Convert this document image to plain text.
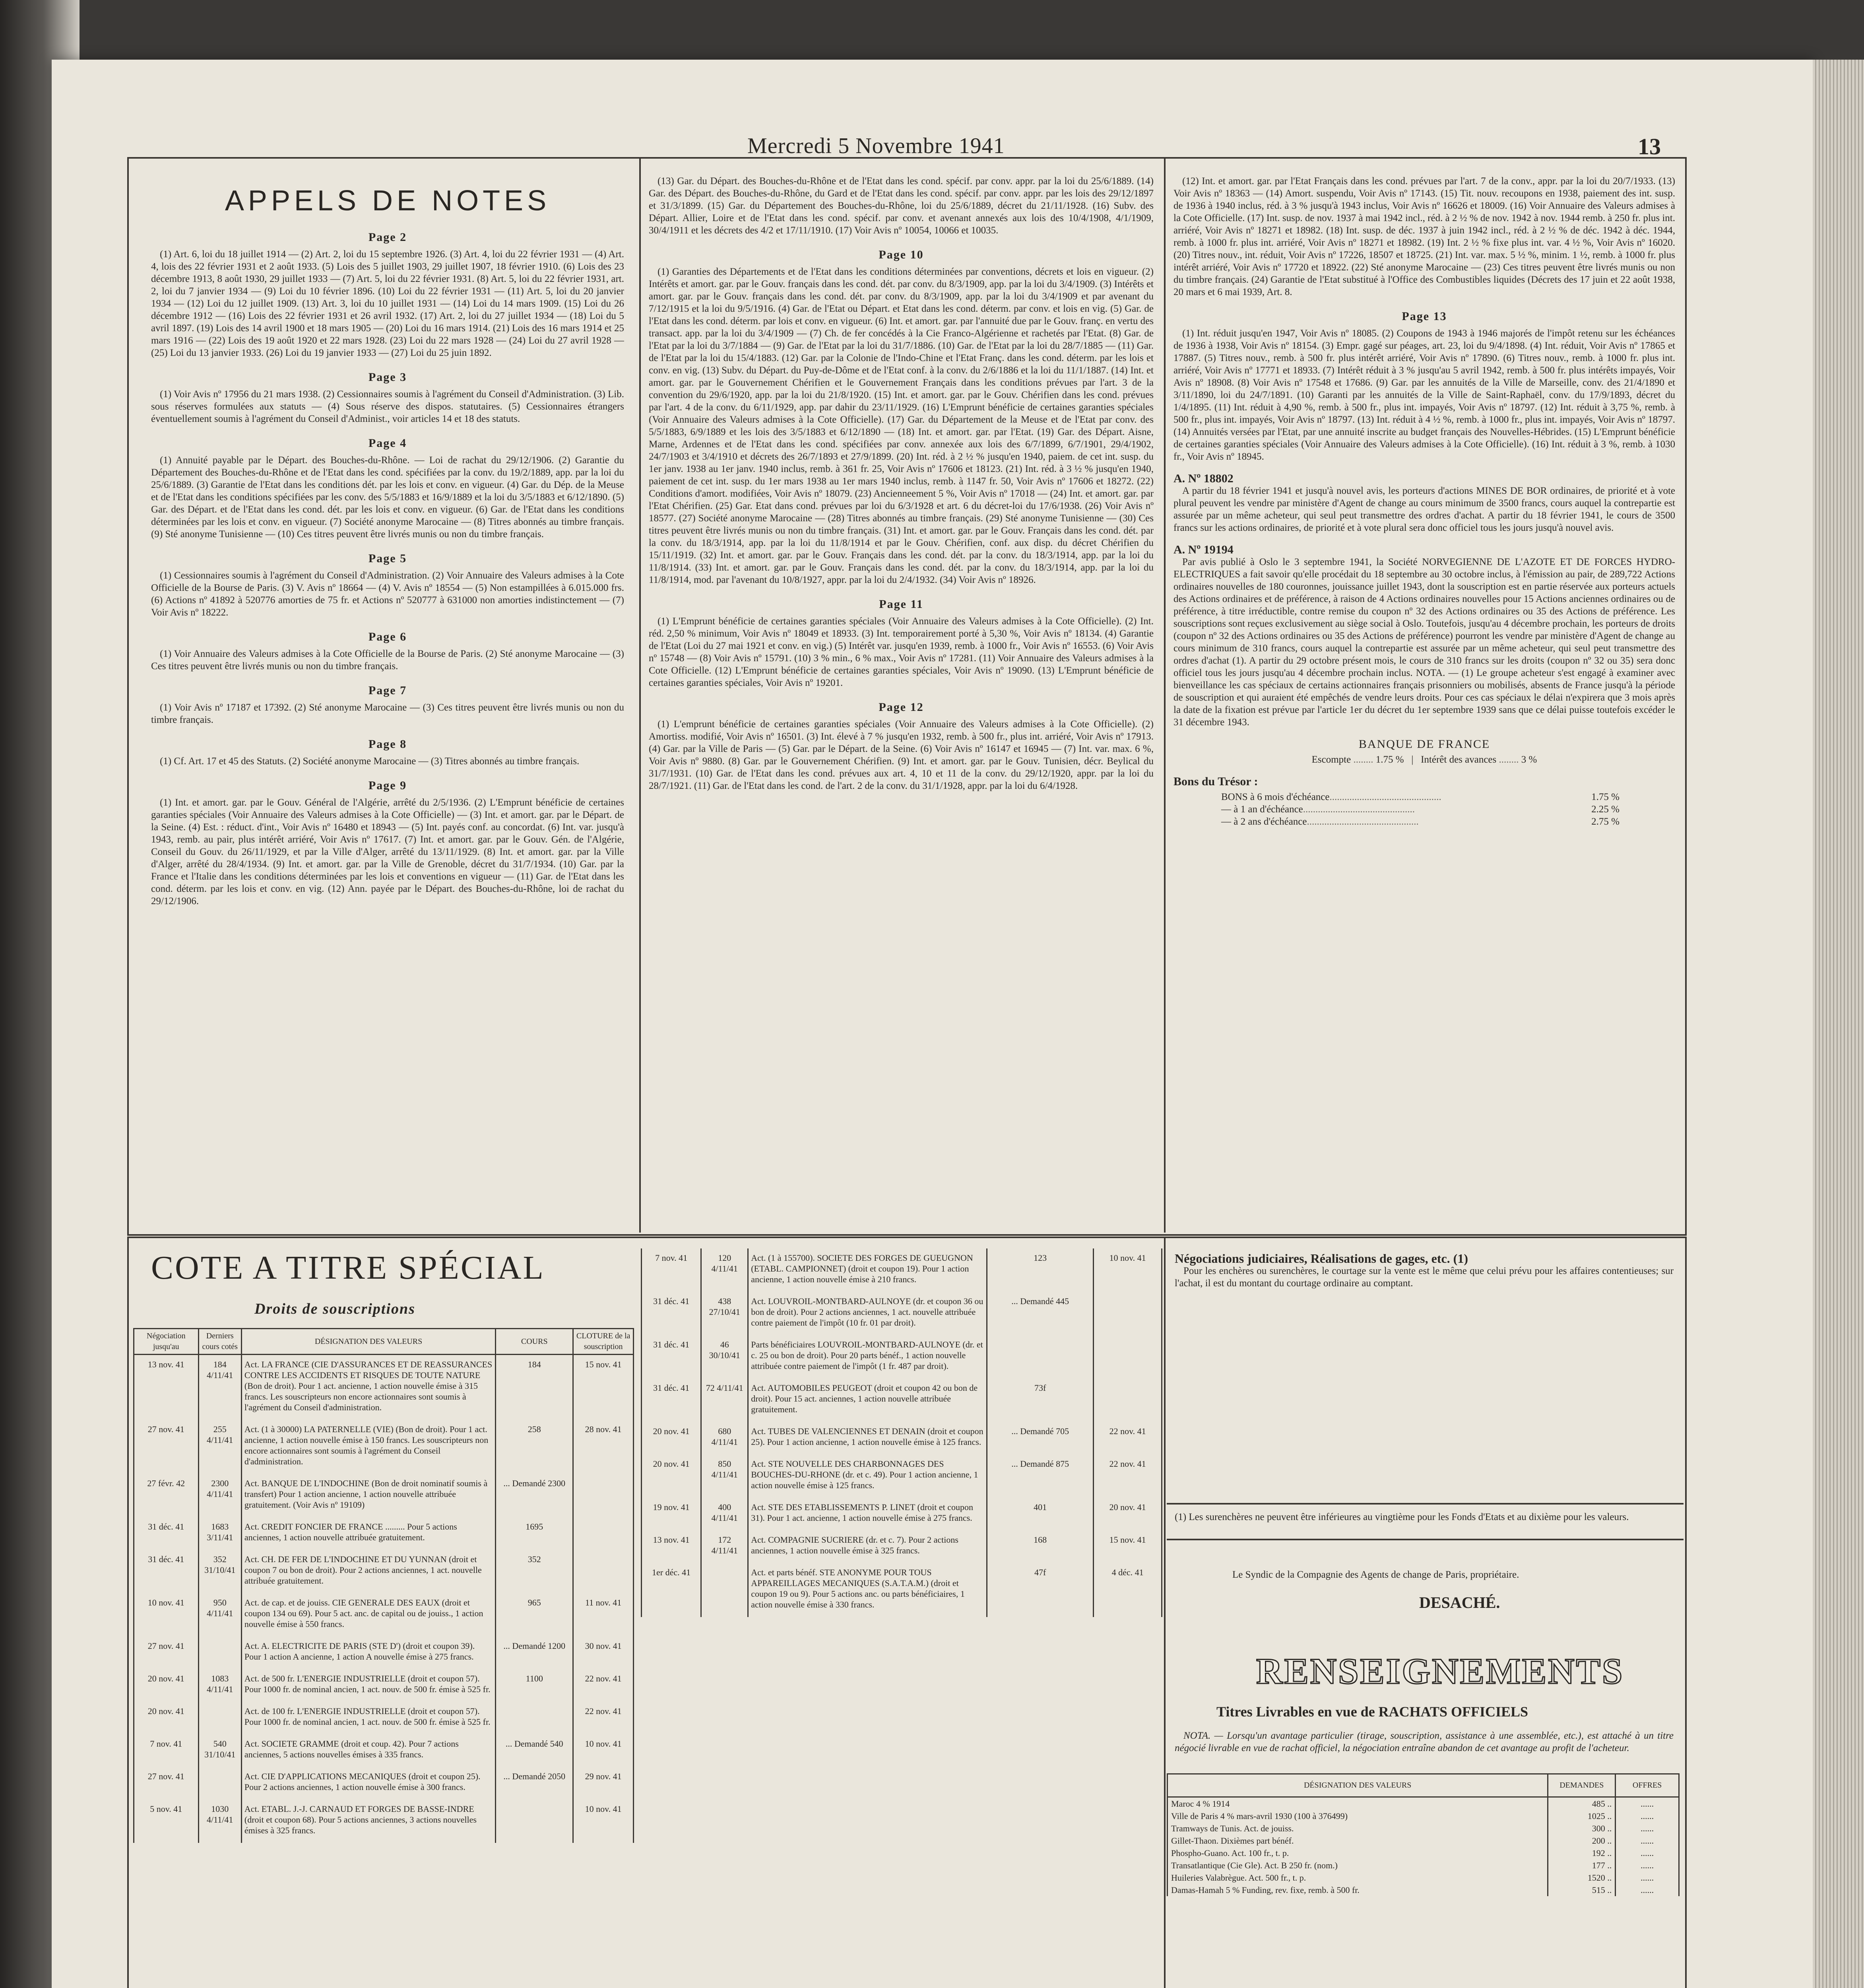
Mercredi 5 Novembre 1941	13
APPELS DE NOTES
Page 2

(1) Art. 6, loi du 18 juillet 1914 — (2) Art. 2, loi du 15 septembre 1926. (3) Art. 4, loi du 22 février 1931 — (4) Art. 4, lois des 22 février 1931 et 2 août 1933. (5) Lois des 5 juillet 1903, 29 juillet 1907, 18 février 1910. (6) Lois des 23 décembre 1913, 8 août 1930, 29 juillet 1933 — (7) Art. 5, loi du 22 février 1931. (8) Art. 5, loi du 22 février 1931, art. 2, loi du 7 janvier 1934 — (9) Loi du 10 février 1896. (10) Loi du 22 février 1931 — (11) Art. 5, loi du 20 janvier 1934 — (12) Loi du 12 juillet 1909. (13) Art. 3, loi du 10 juillet 1931 — (14) Loi du 14 mars 1909. (15) Loi du 26 décembre 1912 — (16) Lois des 22 février 1931 et 26 avril 1932. (17) Art. 2, loi du 27 juillet 1934 — (18) Loi du 5 avril 1897. (19) Lois des 14 avril 1900 et 18 mars 1905 — (20) Loi du 16 mars 1914. (21) Lois des 16 mars 1914 et 25 mars 1916 — (22) Lois des 19 août 1920 et 22 mars 1928. (23) Loi du 22 mars 1928 — (24) Loi du 27 avril 1928 — (25) Loi du 13 janvier 1933. (26) Loi du 19 janvier 1933 — (27) Loi du 25 juin 1892.

Page 3

(1) Voir Avis nº 17956 du 21 mars 1938. (2) Cessionnaires soumis à l'agrément du Conseil d'Administration. (3) Lib. sous réserves formulées aux statuts — (4) Sous réserve des dispos. statutaires. (5) Cessionnaires étrangers éventuellement soumis à l'agrément du Conseil d'Administ., voir articles 14 et 18 des statuts.

Page 4

(1) Annuité payable par le Départ. des Bouches-du-Rhône. — Loi de rachat du 29/12/1906. (2) Garantie du Département des Bouches-du-Rhône et de l'Etat dans les cond. spécifiées par la conv. du 19/2/1889, app. par la loi du 25/6/1889. (3) Garantie de l'Etat dans les conditions dét. par les lois et conv. en vigueur. (4) Gar. du Dép. de la Meuse et de l'Etat dans les conditions spécifiées par les conv. des 5/5/1883 et 16/9/1889 et la loi du 3/5/1883 et 6/12/1890. (5) Gar. des Départ. et de l'Etat dans les cond. dét. par les lois et conv. en vigueur. (6) Gar. de l'Etat dans les conditions déterminées par les lois et conv. en vigueur. (7) Société anonyme Marocaine — (8) Titres abonnés au timbre français. (9) Sté anonyme Tunisienne — (10) Ces titres peuvent être livrés munis ou non du timbre français.

Page 5

(1) Cessionnaires soumis à l'agrément du Conseil d'Administration. (2) Voir Annuaire des Valeurs admises à la Cote Officielle de la Bourse de Paris. (3) V. Avis nº 18664 — (4) V. Avis nº 18554 — (5) Non estampillées à 6.015.000 frs. (6) Actions nº 41892 à 520776 amorties de 75 fr. et Actions nº 520777 à 631000 non amorties indistinctement — (7) Voir Avis nº 18222.

Page 6

(1) Voir Annuaire des Valeurs admises à la Cote Officielle de la Bourse de Paris. (2) Sté anonyme Marocaine — (3) Ces titres peuvent être livrés munis ou non du timbre français.

Page 7

(1) Voir Avis nº 17187 et 17392. (2) Sté anonyme Marocaine — (3) Ces titres peuvent être livrés munis ou non du timbre français.

Page 8

(1) Cf. Art. 17 et 45 des Statuts. (2) Société anonyme Marocaine — (3) Titres abonnés au timbre français.

Page 9

(1) Int. et amort. gar. par le Gouv. Général de l'Algérie, arrêté du 2/5/1936. (2) L'Emprunt bénéficie de certaines garanties spéciales (Voir Annuaire des Valeurs admises à la Cote Officielle) — (3) Int. et amort. gar. par le Départ. de la Seine. (4) Est. : réduct. d'int., Voir Avis nº 16480 et 18943 — (5) Int. payés conf. au concordat. (6) Int. var. jusqu'à 1943, remb. au pair, plus intérêt arriéré, Voir Avis nº 17617. (7) Int. et amort. gar. par le Gouv. Gén. de l'Algérie, Conseil du Gouv. du 26/11/1929, et par la Ville d'Alger, arrêté du 13/11/1929. (8) Int. et amort. gar. par la Ville d'Alger, arrêté du 28/4/1934. (9) Int. et amort. gar. par la Ville de Grenoble, décret du 31/7/1934. (10) Gar. par la France et l'Italie dans les conditions déterminées par les lois et conventions en vigueur — (11) Gar. de l'Etat dans les cond. déterm. par les lois et conv. en vig. (12) Ann. payée par le Départ. des Bouches-du-Rhône, loi de rachat du 29/12/1906.

(13) Gar. du Départ. des Bouches-du-Rhône et de l'Etat dans les cond. spécif. par conv. appr. par la loi du 25/6/1889. (14) Gar. des Départ. des Bouches-du-Rhône, du Gard et de l'Etat dans les cond. spécif. par conv. appr. par les lois des 29/12/1897 et 31/3/1899. (15) Gar. du Département des Bouches-du-Rhône, loi du 25/6/1889, décret du 21/11/1928. (16) Subv. des Départ. Allier, Loire et de l'Etat dans les cond. spécif. par conv. et avenant annexés aux lois des 10/4/1908, 4/1/1909, 30/4/1911 et les décrets des 4/2 et 17/11/1910. (17) Voir Avis nº 10054, 10066 et 10035.

Page 10

(1) Garanties des Départements et de l'Etat dans les conditions déterminées par conventions, décrets et lois en vigueur. (2) Intérêts et amort. gar. par le Gouv. français dans les cond. dét. par conv. du 8/3/1909, app. par la loi du 3/4/1909. (3) Intérêts et amort. gar. par le Gouv. français dans les cond. dét. par conv. du 8/3/1909, app. par la loi du 3/4/1909 et par avenant du 7/12/1915 et la loi du 9/5/1916. (4) Gar. de l'Etat ou Départ. et Etat dans les cond. déterm. par conv. et lois en vig. (5) Gar. de l'Etat dans les cond. déterm. par lois et conv. en vigueur. (6) Int. et amort. gar. par l'annuité due par le Gouv. franç. en vertu des transact. app. par la loi du 3/4/1909 — (7) Ch. de fer concédés à la Cie Franco-Algérienne et rachetés par l'Etat. (8) Gar. de l'Etat par la loi du 3/7/1884 — (9) Gar. de l'Etat par la loi du 31/7/1886. (10) Gar. de l'Etat par la loi du 28/7/1885 — (11) Gar. de l'Etat par la loi du 15/4/1883. (12) Gar. par la Colonie de l'Indo-Chine et l'Etat Franç. dans les cond. déterm. par les lois et conv. en vig. (13) Subv. du Départ. du Puy-de-Dôme et de l'Etat conf. à la conv. du 2/6/1886 et la loi du 11/1/1887. (14) Int. et amort. gar. par le Gouvernement Chérifien et le Gouvernement Français dans les conditions prévues par l'art. 3 de la convention du 29/6/1920, app. par la loi du 21/8/1920. (15) Int. et amort. gar. par le Gouv. Chérifien dans les cond. prévues par l'art. 4 de la conv. du 6/11/1929, app. par dahir du 23/11/1929. (16) L'Emprunt bénéficie de certaines garanties spéciales (Voir Annuaire des Valeurs admises à la Cote Officielle). (17) Gar. du Département de la Meuse et de l'Etat par conv. des 5/5/1883, 6/9/1889 et les lois des 3/5/1883 et 6/12/1890 — (18) Int. et amort. gar. par l'Etat. (19) Gar. des Départ. Aisne, Marne, Ardennes et de l'Etat dans les cond. spécifiées par conv. annexée aux lois des 6/7/1899, 6/7/1901, 29/4/1902, 24/7/1903 et 3/4/1910 et décrets des 26/7/1893 et 27/9/1899. (20) Int. réd. à 2 ½ % jusqu'en 1940, paiem. de cet int. susp. du 1er janv. 1938 au 1er janv. 1940 inclus, remb. à 361 fr. 25, Voir Avis nº 17606 et 18123. (21) Int. réd. à 3 ½ % jusqu'en 1940, paiement de cet int. susp. du 1er mars 1938 au 1er mars 1940 inclus, remb. à 1147 fr. 50, Voir Avis nº 17606 et 18272. (22) Conditions d'amort. modifiées, Voir Avis nº 18079. (23) Ancienneement 5 %, Voir Avis nº 17018 — (24) Int. et amort. gar. par l'Etat Chérifien. (25) Gar. Etat dans cond. prévues par loi du 6/3/1928 et art. 6 du décret-loi du 17/6/1938. (26) Voir Avis nº 18577. (27) Société anonyme Marocaine — (28) Titres abonnés au timbre français. (29) Sté anonyme Tunisienne — (30) Ces titres peuvent être livrés munis ou non du timbre français. (31) Int. et amort. gar. par le Gouv. Français dans les cond. dét. par la conv. du 18/3/1914, app. par la loi du 11/8/1914 et par le Gouv. Chérifien, conf. aux disp. du décret Chérifien du 15/11/1919. (32) Int. et amort. gar. par le Gouv. Français dans les cond. dét. par la conv. du 18/3/1914, app. par la loi du 11/8/1914. (33) Int. et amort. gar. par le Gouv. Français dans les cond. dét. par la conv. du 18/3/1914, app. par la loi du 11/8/1914, mod. par l'avenant du 10/8/1927, appr. par la loi du 2/4/1932. (34) Voir Avis nº 18926.

Page 11

(1) L'Emprunt bénéficie de certaines garanties spéciales (Voir Annuaire des Valeurs admises à la Cote Officielle). (2) Int. réd. 2,50 % minimum, Voir Avis nº 18049 et 18933. (3) Int. temporairement porté à 5,30 %, Voir Avis nº 18134. (4) Garantie de l'Etat (Loi du 27 mai 1921 et conv. en vig.) (5) Intérêt var. jusqu'en 1939, remb. à 1000 fr., Voir Avis nº 16553. (6) Voir Avis nº 15748 — (8) Voir Avis nº 15791. (10) 3 % min., 6 % max., Voir Avis nº 17281. (11) Voir Annuaire des Valeurs admises à la Cote Officielle. (12) L'Emprunt bénéficie de certaines garanties spéciales, Voir Avis nº 19090. (13) L'Emprunt bénéficie de certaines garanties spéciales, Voir Avis nº 19201.

Page 12

(1) L'emprunt bénéficie de certaines garanties spéciales (Voir Annuaire des Valeurs admises à la Cote Officielle). (2) Amortiss. modifié, Voir Avis nº 16501. (3) Int. élevé à 7 % jusqu'en 1932, remb. à 500 fr., plus int. arriéré, Voir Avis nº 17913. (4) Gar. par la Ville de Paris — (5) Gar. par le Départ. de la Seine. (6) Voir Avis nº 16147 et 16945 — (7) Int. var. max. 6 %, Voir Avis nº 9880. (8) Gar. par le Gouvernement Chérifien. (9) Int. et amort. gar. par le Gouv. Tunisien, décr. Beylical du 31/7/1931. (10) Gar. de l'Etat dans les cond. prévues aux art. 4, 10 et 11 de la conv. du 29/12/1920, appr. par la loi du 28/7/1921. (11) Gar. de l'Etat dans les cond. de l'art. 2 de la conv. du 31/1/1928, appr. par la loi du 6/4/1928.

(12) Int. et amort. gar. par l'Etat Français dans les cond. prévues par l'art. 7 de la conv., appr. par la loi du 20/7/1933. (13) Voir Avis nº 18363 — (14) Amort. suspendu, Voir Avis nº 17143. (15) Tit. nouv. recoupons en 1938, paiement des int. susp. de 1936 à 1940 inclus, réd. à 3 % jusqu'à 1943 inclus, Voir Avis nº 16626 et 18009. (16) Voir Annuaire des Valeurs admises à la Cote Officielle. (17) Int. susp. de nov. 1937 à mai 1942 incl., réd. à 2 ½ % de nov. 1942 à nov. 1944 remb. à 250 fr. plus int. arriéré, Voir Avis nº 18271 et 18982. (18) Int. susp. de déc. 1937 à juin 1942 incl., réd. à 2 ½ % de déc. 1942 à déc. 1944, remb. à 1000 fr. plus int. arriéré, Voir Avis nº 18271 et 18982. (19) Int. 2 ½ % fixe plus int. var. 4 ½ %, Voir Avis nº 16020. (20) Titres nouv., int. réduit, Voir Avis nº 17226, 18507 et 18725. (21) Int. var. max. 5 ½ %, minim. 1 ½, remb. à 1000 fr. plus intérêt arriéré, Voir Avis nº 17720 et 18922. (22) Sté anonyme Marocaine — (23) Ces titres peuvent être livrés munis ou non du timbre français. (24) Garantie de l'Etat substitué à l'Office des Combustibles liquides (Décrets des 17 juin et 22 août 1938, 20 mars et 6 mai 1939, Art. 8.

Page 13

(1) Int. réduit jusqu'en 1947, Voir Avis nº 18085. (2) Coupons de 1943 à 1946 majorés de l'impôt retenu sur les échéances de 1936 à 1938, Voir Avis nº 18154. (3) Empr. gagé sur péages, art. 23, loi du 9/4/1898. (4) Int. réduit, Voir Avis nº 17865 et 17887. (5) Titres nouv., remb. à 500 fr. plus intérêt arriéré, Voir Avis nº 17890. (6) Titres nouv., remb. à 1000 fr. plus int. arriéré, Voir Avis nº 17771 et 18933. (7) Intérêt réduit à 3 % jusqu'au 5 avril 1942, remb. à 500 fr. plus intérêts impayés, Voir Avis nº 18908. (8) Voir Avis nº 17548 et 17686. (9) Gar. par les annuités de la Ville de Marseille, conv. des 21/4/1890 et 3/11/1890, loi du 24/7/1891. (10) Garanti par les annuités de la Ville de Saint-Raphaël, conv. du 17/9/1893, décret du 1/4/1895. (11) Int. réduit à 4,90 %, remb. à 500 fr., plus int. impayés, Voir Avis nº 18797. (12) Int. réduit à 3,75 %, remb. à 500 fr., plus int. impayés, Voir Avis nº 18797. (13) Int. réduit à 4 ½ %, remb. à 1000 fr., plus int. impayés, Voir Avis nº 18797. (14) Annuités versées par l'Etat, par une annuité inscrite au budget français des Nouvelles-Hébrides. (15) L'Emprunt bénéficie de certaines garanties spéciales (Voir Annuaire des Valeurs admises à la Cote Officielle). (16) Int. réduit à 3 %, remb. à 1030 fr., Voir Avis nº 18945.

A. Nº 18802

A partir du 18 février 1941 et jusqu'à nouvel avis, les porteurs d'actions MINES DE BOR ordinaires, de priorité et à vote plural peuvent les vendre par ministère d'Agent de change au cours minimum de 3500 francs, cours auquel la contrepartie est assurée par un même acheteur, qui seul peut transmettre des ordres d'achat. A partir du 18 février 1941, le cours de 3500 francs sur les actions ordinaires, de priorité et à vote plural sera donc officiel tous les jours jusqu'à nouvel avis.

A. Nº 19194

Par avis publié à Oslo le 3 septembre 1941, la Société NORVEGIENNE DE L'AZOTE ET DE FORCES HYDRO-ELECTRIQUES a fait savoir qu'elle procédait du 18 septembre au 30 octobre inclus, à l'émission au pair, de 289,722 Actions ordinaires nouvelles de 180 couronnes, jouissance juillet 1943, dont la souscription est en partie réservée aux porteurs actuels des Actions ordinaires et de préférence, à raison de 4 Actions ordinaires nouvelles pour 15 Actions anciennes ordinaires ou de préférence, à titre irréductible, contre remise du coupon nº 32 des Actions ordinaires ou 35 des Actions de préférence. Les souscriptions sont reçues exclusivement au siège social à Oslo. Toutefois, jusqu'au 4 décembre prochain, les porteurs de droits (coupon nº 32 des Actions ordinaires ou 35 des Actions de préférence) pourront les vendre par ministère d'Agent de change au cours minimum de 310 francs, cours auquel la contrepartie est assurée par un même acheteur, qui seul peut transmettre des ordres d'achat (1). A partir du 29 octobre présent mois, le cours de 310 francs sur les droits (coupon nº 32 ou 35) sera donc officiel tous les jours jusqu'au 4 décembre prochain inclus. NOTA. — (1) Le groupe acheteur s'est engagé à examiner avec bienveillance les cas spéciaux de certains actionnaires français prisonniers ou mobilisés, absents de France jusqu'à la période de souscription et qui auraient été empêchés de vendre leurs droits. Pour ces cas spéciaux le délai n'expirera que 3 mois après la date de la fixation est prévue par l'article 1er du décret du 1er septembre 1939 sans que ce délai puisse toutefois excéder le 31 décembre 1943.

BANQUE DE FRANCE
Escompte ........ 1.75 %   |   Intérêt des avances ........ 3 %
Bons du Trésor :
BONS à 6 mois d'échéance .............................................	1.75 %
— à 1 an d'échéance .............................................	2.25 %
— à 2 ans d'échéance .............................................	2.75 %
COTE A TITRE SPÉCIAL
Droits de souscriptions
Négociation jusqu'au	Derniers cours cotés	DÉSIGNATION DES VALEURS	COURS	CLOTURE de la souscription
13 nov. 41	184 4/11/41	Act. LA FRANCE (CIE D'ASSURANCES ET DE REASSURANCES CONTRE LES ACCIDENTS ET RISQUES DE TOUTE NATURE (Bon de droit). Pour 1 act. ancienne, 1 action nouvelle émise à 315 francs. Les souscripteurs non encore actionnaires sont soumis à l'agrément du Conseil d'administration.	184	15 nov. 41
27 nov. 41	255 4/11/41	Act. (1 à 30000) LA PATERNELLE (VIE) (Bon de droit). Pour 1 act. ancienne, 1 action nouvelle émise à 150 francs. Les souscripteurs non encore actionnaires sont soumis à l'agrément du Conseil d'administration.	258	28 nov. 41
27 févr. 42	2300 4/11/41	Act. BANQUE DE L'INDOCHINE (Bon de droit nominatif soumis à transfert) Pour 1 action ancienne, 1 action nouvelle attribuée gratuitement. (Voir Avis nº 19109)	... Demandé 2300	
31 déc. 41	1683 3/11/41	Act. CREDIT FONCIER DE FRANCE ......... Pour 5 actions anciennes, 1 action nouvelle attribuée gratuitement.	1695	
31 déc. 41	352 31/10/41	Act. CH. DE FER DE L'INDOCHINE ET DU YUNNAN (droit et coupon 7 ou bon de droit). Pour 2 actions anciennes, 1 act. nouvelle attribuée gratuitement.	352	
10 nov. 41	950 4/11/41	Act. de cap. et de jouiss. CIE GENERALE DES EAUX (droit et coupon 134 ou 69). Pour 5 act. anc. de capital ou de jouiss., 1 action nouvelle émise à 550 francs.	965	11 nov. 41
27 nov. 41		Act. A. ELECTRICITE DE PARIS (STE D') (droit et coupon 39). Pour 1 action A ancienne, 1 action A nouvelle émise à 275 francs.	... Demandé 1200	30 nov. 41
20 nov. 41	1083 4/11/41	Act. de 500 fr. L'ENERGIE INDUSTRIELLE (droit et coupon 57). Pour 1000 fr. de nominal ancien, 1 act. nouv. de 500 fr. émise à 525 fr.	1100	22 nov. 41
20 nov. 41		Act. de 100 fr. L'ENERGIE INDUSTRIELLE (droit et coupon 57). Pour 1000 fr. de nominal ancien, 1 act. nouv. de 500 fr. émise à 525 fr.		22 nov. 41
7 nov. 41	540 31/10/41	Act. SOCIETE GRAMME (droit et coup. 42). Pour 7 actions anciennes, 5 actions nouvelles émises à 335 francs.	... Demandé 540	10 nov. 41
27 nov. 41		Act. CIE D'APPLICATIONS MECANIQUES (droit et coupon 25). Pour 2 actions anciennes, 1 action nouvelle émise à 300 francs.	... Demandé 2050	29 nov. 41
5 nov. 41	1030 4/11/41	Act. ETABL. J.-J. CARNAUD ET FORGES DE BASSE-INDRE (droit et coupon 68). Pour 5 actions anciennes, 3 actions nouvelles émises à 325 francs.		10 nov. 41
7 nov. 41	120 4/11/41	Act. (1 à 155700). SOCIETE DES FORGES DE GUEUGNON (ETABL. CAMPIONNET) (droit et coupon 19). Pour 1 action ancienne, 1 action nouvelle émise à 210 francs.	123	10 nov. 41
31 déc. 41	438 27/10/41	Act. LOUVROIL-MONTBARD-AULNOYE (dr. et coupon 36 ou bon de droit). Pour 2 actions anciennes, 1 act. nouvelle attribuée contre paiement de l'impôt (10 fr. 01 par droit).	... Demandé 445	
31 déc. 41	46 30/10/41	Parts bénéficiaires LOUVROIL-MONTBARD-AULNOYE (dr. et c. 25 ou bon de droit). Pour 20 parts bénéf., 1 action nouvelle attribuée contre paiement de l'impôt (1 fr. 487 par droit).		
31 déc. 41	72 4/11/41	Act. AUTOMOBILES PEUGEOT (droit et coupon 42 ou bon de droit). Pour 15 act. anciennes, 1 action nouvelle attribuée gratuitement.	73f	
20 nov. 41	680 4/11/41	Act. TUBES DE VALENCIENNES ET DENAIN (droit et coupon 25). Pour 1 action ancienne, 1 action nouvelle émise à 125 francs.	... Demandé 705	22 nov. 41
20 nov. 41	850 4/11/41	Act. STE NOUVELLE DES CHARBONNAGES DES BOUCHES-DU-RHONE (dr. et c. 49). Pour 1 action ancienne, 1 action nouvelle émise à 125 francs.	... Demandé 875	22 nov. 41
19 nov. 41	400 4/11/41	Act. STE DES ETABLISSEMENTS P. LINET (droit et coupon 31). Pour 1 act. ancienne, 1 action nouvelle émise à 275 francs.	401	20 nov. 41
13 nov. 41	172 4/11/41	Act. COMPAGNIE SUCRIERE (dr. et c. 7). Pour 2 actions anciennes, 1 action nouvelle émise à 325 francs.	168	15 nov. 41
1er déc. 41		Act. et parts bénéf. STE ANONYME POUR TOUS APPAREILLAGES MECANIQUES (S.A.T.A.M.) (droit et coupon 19 ou 9). Pour 5 actions anc. ou parts bénéficiaires, 1 action nouvelle émise à 330 francs.	47f	4 déc. 41
Négociations judiciaires, Réalisations de gages, etc. (1)
Pour les enchères ou surenchères, le courtage sur la vente est le même que celui prévu pour les affaires contentieuses; sur l'achat, il est du montant du courtage ordinaire au comptant.
(1) Les surenchères ne peuvent être inférieures au vingtième pour les Fonds d'Etats et au dixième pour les valeurs.
Le Syndic de la Compagnie des Agents de change de Paris, propriétaire.
DESACHÉ.
RENSEIGNEMENTS
Titres Livrables en vue de RACHATS OFFICIELS
NOTA. — Lorsqu'un avantage particulier (tirage, souscription, assistance à une assemblée, etc.), est attaché à un titre négocié livrable en vue de rachat officiel, la négociation entraîne abandon de cet avantage au profit de l'acheteur.
DÉSIGNATION DES VALEURS	DEMANDES	OFFRES
Maroc 4 % 1914	485 ..	......
Ville de Paris 4 % mars-avril 1930 (100 à 376499)	1025 ..	......
Tramways de Tunis. Act. de jouiss.	300 ..	......
Gillet-Thaon. Dixièmes part bénéf.	200 ..	......
Phospho-Guano. Act. 100 fr., t. p.	192 ..	......
Transatlantique (Cie Gle). Act. B 250 fr. (nom.)	177 ..	......
Huileries Valabrègue. Act. 500 fr., t. p.	1520 ..	......
Damas-Hamah 5 % Funding, rev. fixe, remb. à 500 fr.	515 ..	......
